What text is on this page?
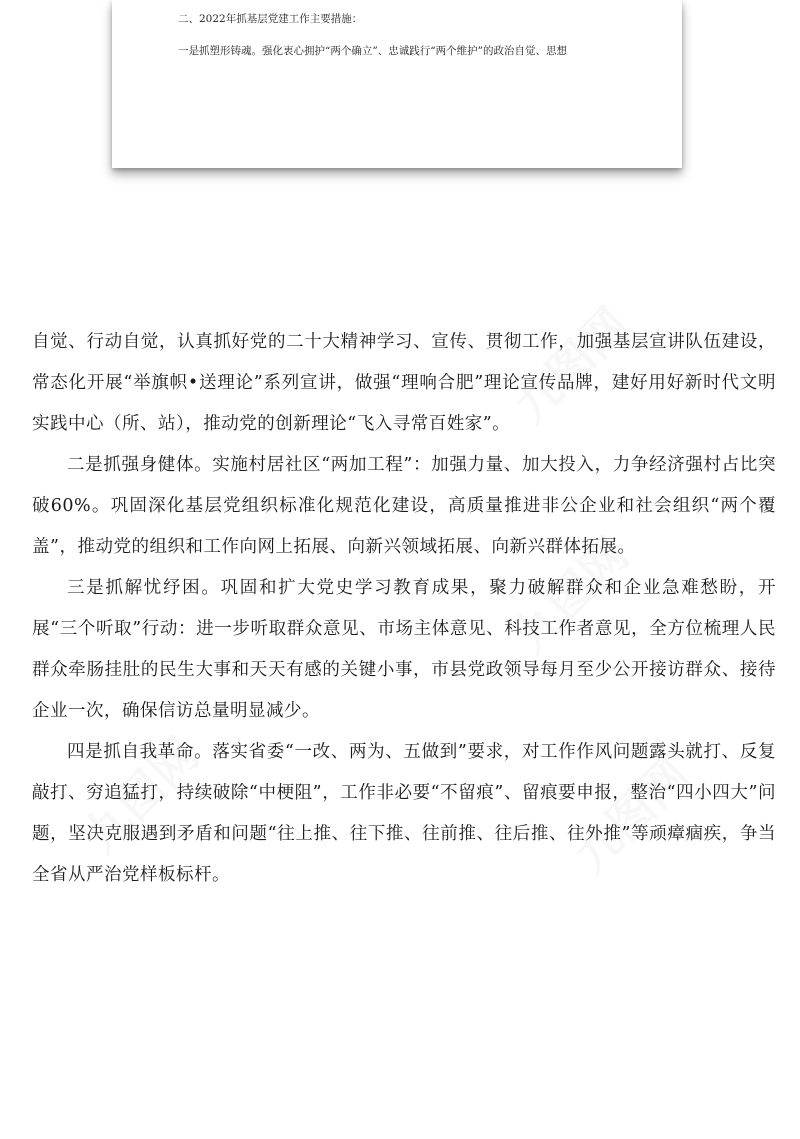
二、2022年抓基层党建工作主要措施：
一是抓塑形铸魂。强化衷心拥护“两个确立”、忠诚践行“两个维护”的政治自觉、思想
九图网
九图网
九图网	九图网

自觉、行动自觉，认真抓好党的二十大精神学习、宣传、贯彻工作，加强基层宣讲队伍建设，常态化开展“举旗帜•送理论”系列宣讲，做强“理响合肥”理论宣传品牌，建好用好新时代文明实践中心（所、站），推动党的创新理论“飞入寻常百姓家”。

二是抓强身健体。实施村居社区“两加工程”：加强力量、加大投入，力争经济强村占比突破60%。巩固深化基层党组织标准化规范化建设，高质量推进非公企业和社会组织“两个覆盖”，推动党的组织和工作向网上拓展、向新兴领域拓展、向新兴群体拓展。

三是抓解忧纾困。巩固和扩大党史学习教育成果，聚力破解群众和企业急难愁盼，开展“三个听取”行动：进一步听取群众意见、市场主体意见、科技工作者意见，全方位梳理人民群众牵肠挂肚的民生大事和天天有感的关键小事，市县党政领导每月至少公开接访群众、接待企业一次，确保信访总量明显减少。

四是抓自我革命。落实省委“一改、两为、五做到”要求，对工作作风问题露头就打、反复敲打、穷追猛打，持续破除“中梗阻”，工作非必要“不留痕”、留痕要申报，整治“四小四大”问题，坚决克服遇到矛盾和问题“往上推、往下推、往前推、往后推、往外推”等顽瘴痼疾，争当全省从严治党样板标杆。
